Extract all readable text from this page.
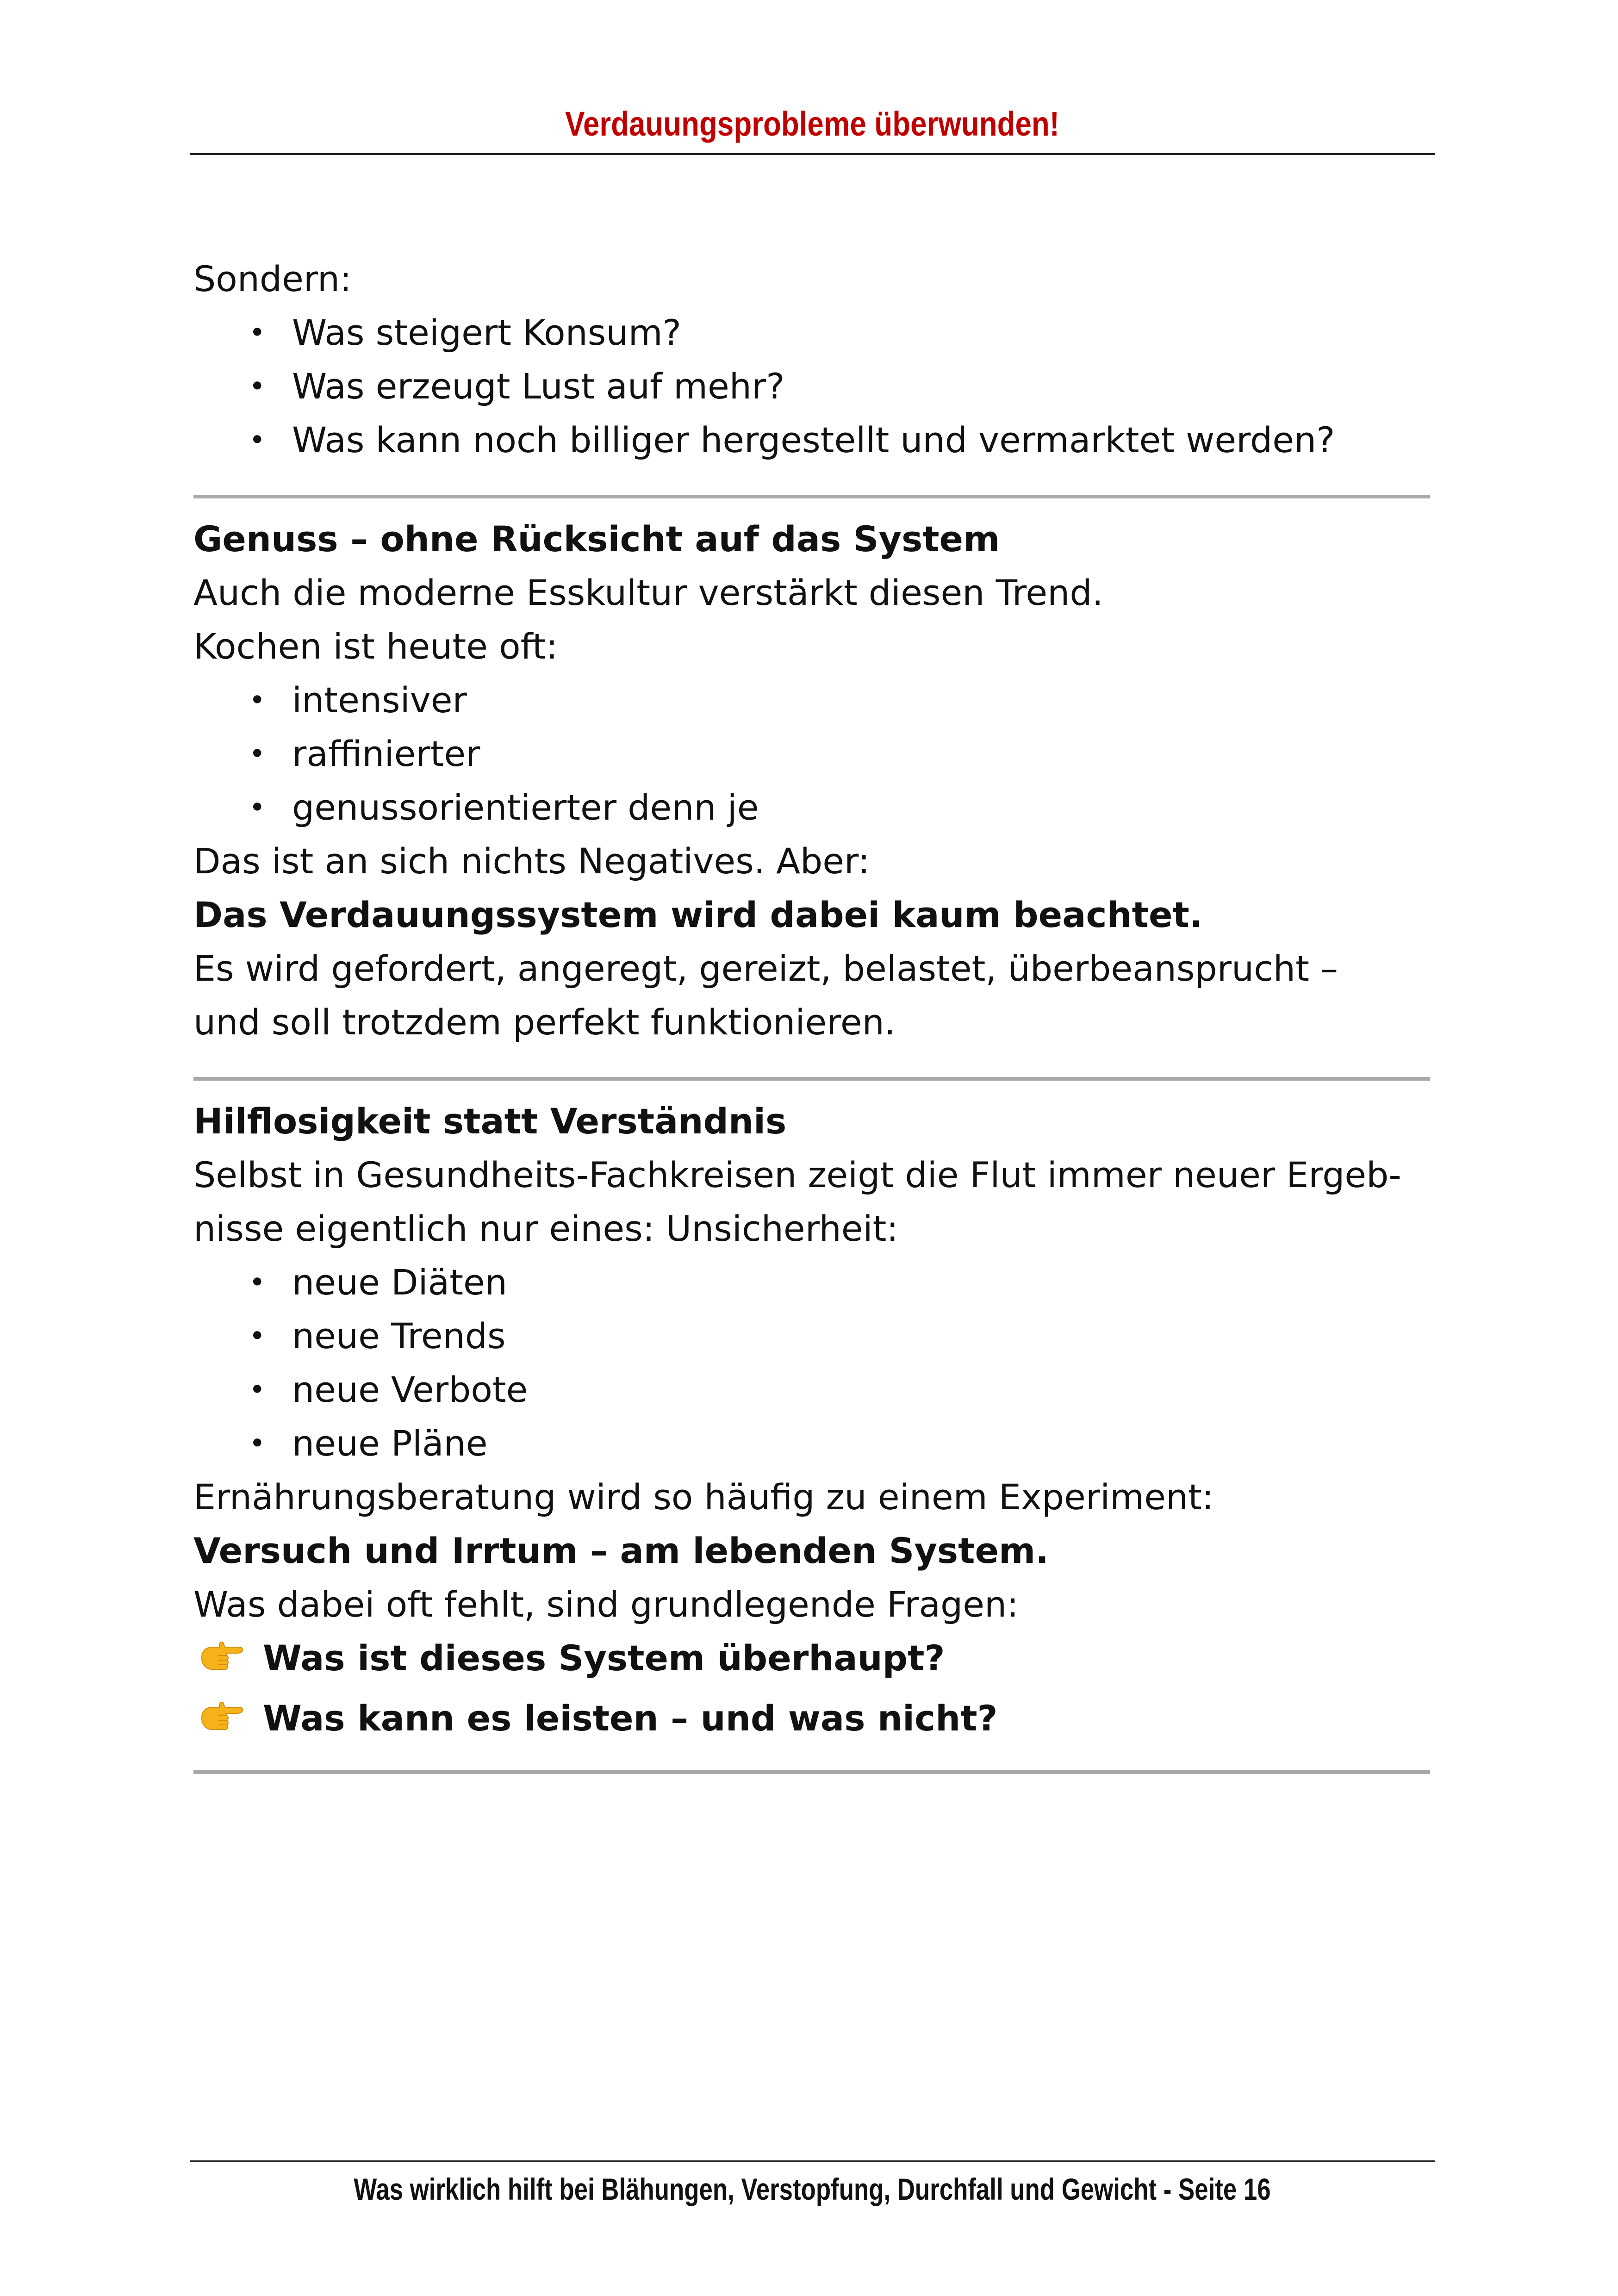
Verdauungsprobleme überwunden!
Sondern:
• Was steigert Konsum?
• Was erzeugt Lust auf mehr?
• Was kann noch billiger hergestellt und vermarktet werden?
Genuss – ohne Rücksicht auf das System
Auch die moderne Esskultur verstärkt diesen Trend.
Kochen ist heute oft:
• intensiver
• raffinierter
• genussorientierter denn je
Das ist an sich nichts Negatives. Aber:
Das Verdauungssystem wird dabei kaum beachtet.
Es wird gefordert, angeregt, gereizt, belastet, überbeansprucht –
und soll trotzdem perfekt funktionieren.
Hilflosigkeit statt Verständnis
Selbst in Gesundheits-Fachkreisen zeigt die Flut immer neuer Ergeb-
nisse eigentlich nur eines: Unsicherheit:
• neue Diäten
• neue Trends
• neue Verbote
• neue Pläne
Ernährungsberatung wird so häufig zu einem Experiment:
Versuch und Irrtum – am lebenden System.
Was dabei oft fehlt, sind grundlegende Fragen:
Was ist dieses System überhaupt?
Was kann es leisten – und was nicht?
Was wirklich hilft bei Blähungen, Verstopfung, Durchfall und Gewicht - Seite 16
